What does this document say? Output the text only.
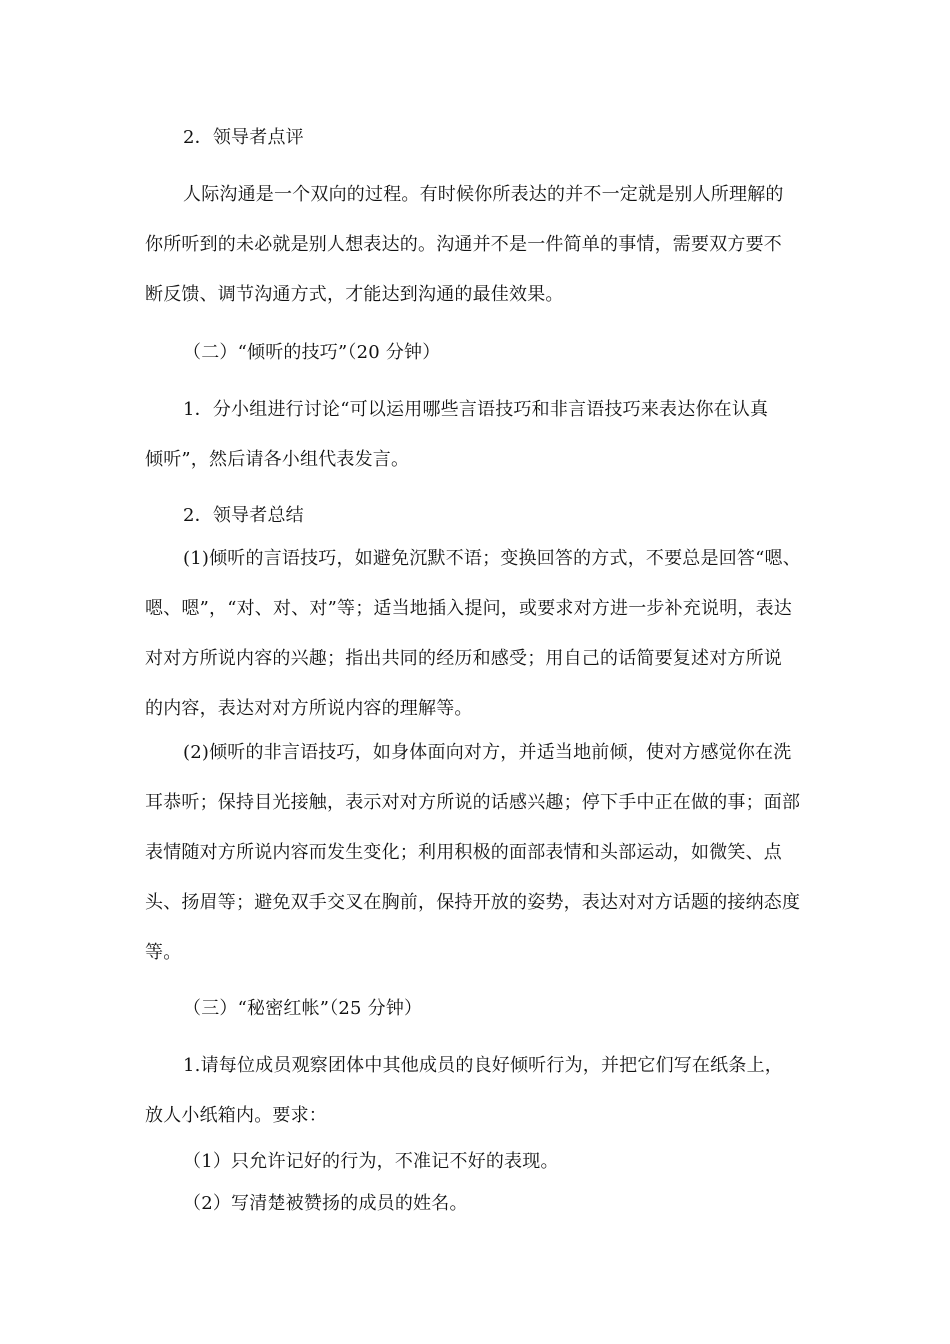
2．领导者点评
人际沟通是一个双向的过程。有时候你所表达的并不一定就是别人所理解的
你所听到的未必就是别人想表达的。沟通并不是一件简单的事情，需要双方要不
断反馈、调节沟通方式，才能达到沟通的最佳效果。
（二）“倾听的技巧”（20 分钟）
1．分小组进行讨论“可以运用哪些言语技巧和非言语技巧来表达你在认真
倾听”，然后请各小组代表发言。
2．领导者总结
(1)倾听的言语技巧，如避免沉默不语；变换回答的方式，不要总是回答“嗯、
嗯、嗯”，“对、对、对”等；适当地插入提问，或要求对方进一步补充说明，表达
对对方所说内容的兴趣；指出共同的经历和感受；用自己的话简要复述对方所说
的内容，表达对对方所说内容的理解等。
(2)倾听的非言语技巧，如身体面向对方，并适当地前倾，使对方感觉你在洗
耳恭听；保持目光接触，表示对对方所说的话感兴趣；停下手中正在做的事；面部
表情随对方所说内容而发生变化；利用积极的面部表情和头部运动，如微笑、点
头、扬眉等；避免双手交叉在胸前，保持开放的姿势，表达对对方话题的接纳态度
等。
（三）“秘密红帐”（25 分钟）
1.请每位成员观察团体中其他成员的良好倾听行为，并把它们写在纸条上，
放人小纸箱内。要求：
（1）只允许记好的行为，不准记不好的表现。
（2）写清楚被赞扬的成员的姓名。
